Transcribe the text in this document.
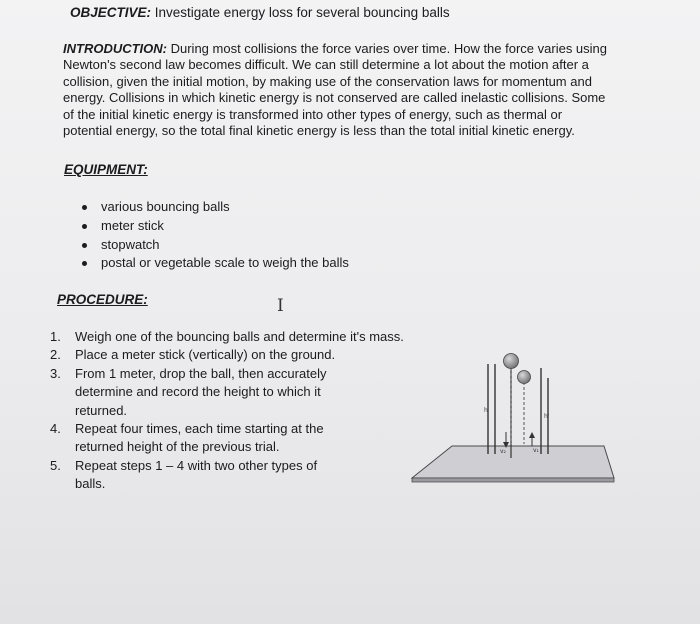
OBJECTIVE: Investigate energy loss for several bouncing balls
INTRODUCTION: During most collisions the force varies over time. How the force varies using
Newton's second law becomes difficult. We can still determine a lot about the motion after a
collision, given the initial motion, by making use of the conservation laws for momentum and
energy. Collisions in which kinetic energy is not conserved are called inelastic collisions. Some
of the initial kinetic energy is transformed into other types of energy, such as thermal or
potential energy, so the total final kinetic energy is less than the total initial kinetic energy.
EQUIPMENT:
various bouncing balls
meter stick
stopwatch
postal or vegetable scale to weigh the balls
PROCEDURE:	I
1. Weigh one of the bouncing balls and determine it's mass.
2. Place a meter stick (vertically) on the ground.
3. From 1 meter, drop the ball, then accurately
determine and record the height to which it
returned.
4. Repeat four times, each time starting at the
returned height of the previous trial.
5. Repeat steps 1 – 4 with two other types of
balls.
v₂	v₁
h
h'
